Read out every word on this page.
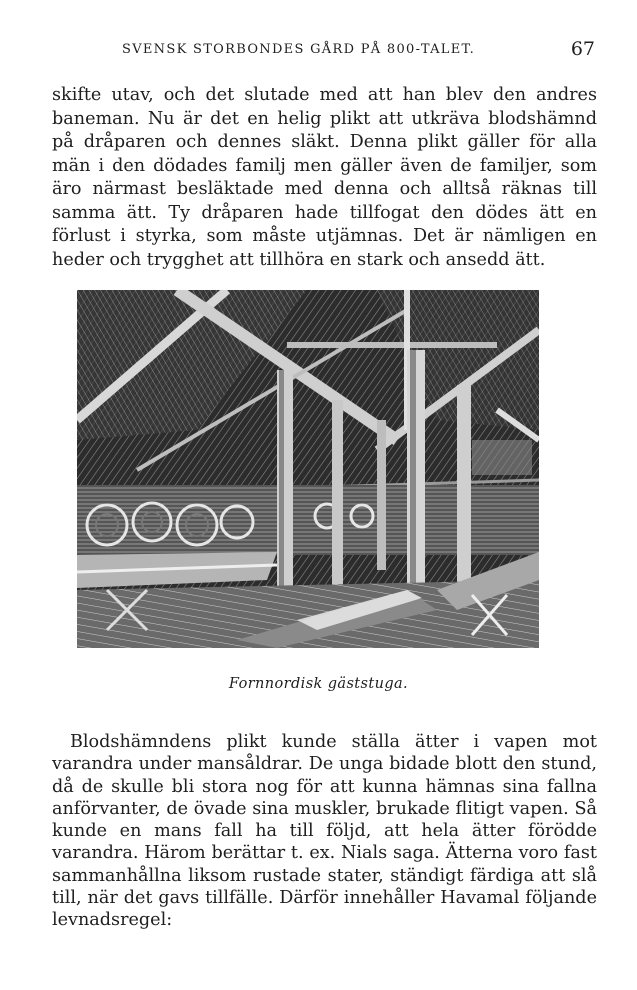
SVENSK STORBONDES GÅRD PÅ 800-TALET.	67

skifte utav, och det slutade med att han blev den andres baneman. Nu är det en helig plikt att utkräva blodshämnd på dråparen och dennes släkt. Denna plikt gäller för alla män i den dödades familj men gäller även de familjer, som äro närmast besläktade med denna och alltså räknas till samma ätt. Ty dråparen hade tillfogat den dödes ätt en förlust i styrka, som måste utjämnas. Det är nämligen en heder och trygghet att tillhöra en stark och ansedd ätt.

Fornnordisk gäststuga.

Blodshämndens plikt kunde ställa ätter i vapen mot varandra under mansåldrar. De unga bidade blott den stund, då de skulle bli stora nog för att kunna hämnas sina fallna anförvanter, de övade sina muskler, brukade flitigt vapen. Så kunde en mans fall ha till följd, att hela ätter förödde varandra. Härom berättar t. ex. Nials saga. Ätterna voro fast sammanhållna liksom rustade stater, ständigt färdiga att slå till, när det gavs tillfälle. Därför innehåller Havamal följande levnadsregel:
